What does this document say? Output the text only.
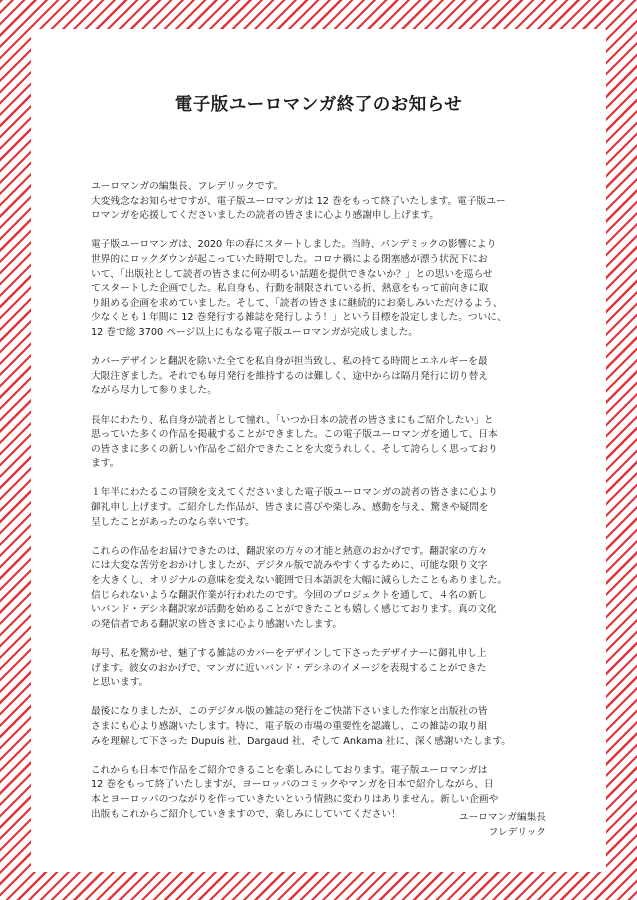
電子版ユーロマンガ終了のお知らせ

ユーロマンガの編集長、フレデリックです。
大変残念なお知らせですが、電子版ユーロマンガは 12 巻をもって終了いたします。電子版ユー
ロマンガを応援してくださいましたの読者の皆さまに心より感謝申し上げます。

電子版ユーロマンガは、2020 年の春にスタートしました。当時、パンデミックの影響により
世界的にロックダウンが起こっていた時期でした。コロナ禍による閉塞感が漂う状況下にお
いて、「出版社として読者の皆さまに何か明るい話題を提供できないか？」との思いを巡らせ
てスタートした企画でした。私自身も、行動を制限されている折、熱意をもって前向きに取
り組める企画を求めていました。そして、「読者の皆さまに継続的にお楽しみいただけるよう、
少なくとも１年間に 12 巻発行する雑誌を発行しよう！」という目標を設定しました。ついに、
12 巻で総 3700 ページ以上にもなる電子版ユーロマンガが完成しました。

カバーデザインと翻訳を除いた全てを私自身が担当致し、私の持てる時間とエネルギーを最
大限注ぎました。それでも毎月発行を維持するのは難しく、途中からは隔月発行に切り替え
ながら尽力して参りました。

長年にわたり、私自身が読者として憧れ、「いつか日本の読者の皆さまにもご紹介したい」と
思っていた多くの作品を掲載することができました。この電子版ユーロマンガを通して、日本
の皆さまに多くの新しい作品をご紹介できたことを大変うれしく、そして誇らしく思っており
ます。

１年半にわたるこの冒険を支えてくださいました電子版ユーロマンガの読者の皆さまに心より
御礼申し上げます。ご紹介した作品が、皆さまに喜びや楽しみ、感動を与え、驚きや疑問を
呈したことがあったのなら幸いです。

これらの作品をお届けできたのは、翻訳家の方々の才能と熱意のおかげです。翻訳家の方々
には大変な苦労をおかけしましたが、デジタル版で読みやすくするために、可能な限り文字
を大きくし、オリジナルの意味を変えない範囲で日本語訳を大幅に減らしたこともありました。
信じられないような翻訳作業が行われたのです。今回のプロジェクトを通して、４名の新し
いバンド・デシネ翻訳家が活動を始めることができたことも嬉しく感じております。真の文化
の発信者である翻訳家の皆さまに心より感謝いたします。

毎号、私を驚かせ、魅了する雑誌のカバーをデザインして下さったデザイナーに御礼申し上
げます。彼女のおかげで、マンガに近いバンド・デシネのイメージを表現することができた
と思います。

最後になりましたが、このデジタル版の雑誌の発行をご快諾下さいました作家と出版社の皆
さまにも心より感謝いたします。特に、電子版の市場の重要性を認識し、この雑誌の取り組
みを理解して下さった Dupuis 社、Dargaud 社、そして Ankama 社に、深く感謝いたします。

これからも日本で作品をご紹介できることを楽しみにしております。電子版ユーロマンガは
12 巻をもって終了いたしますが、ヨーロッパのコミックやマンガを日本で紹介しながら、日
本とヨーロッパのつながりを作っていきたいという情熱に変わりはありません。新しい企画や
出版もこれからご紹介していきますので、楽しみにしていてください！	ユーロマンガ編集長
フレデリック
